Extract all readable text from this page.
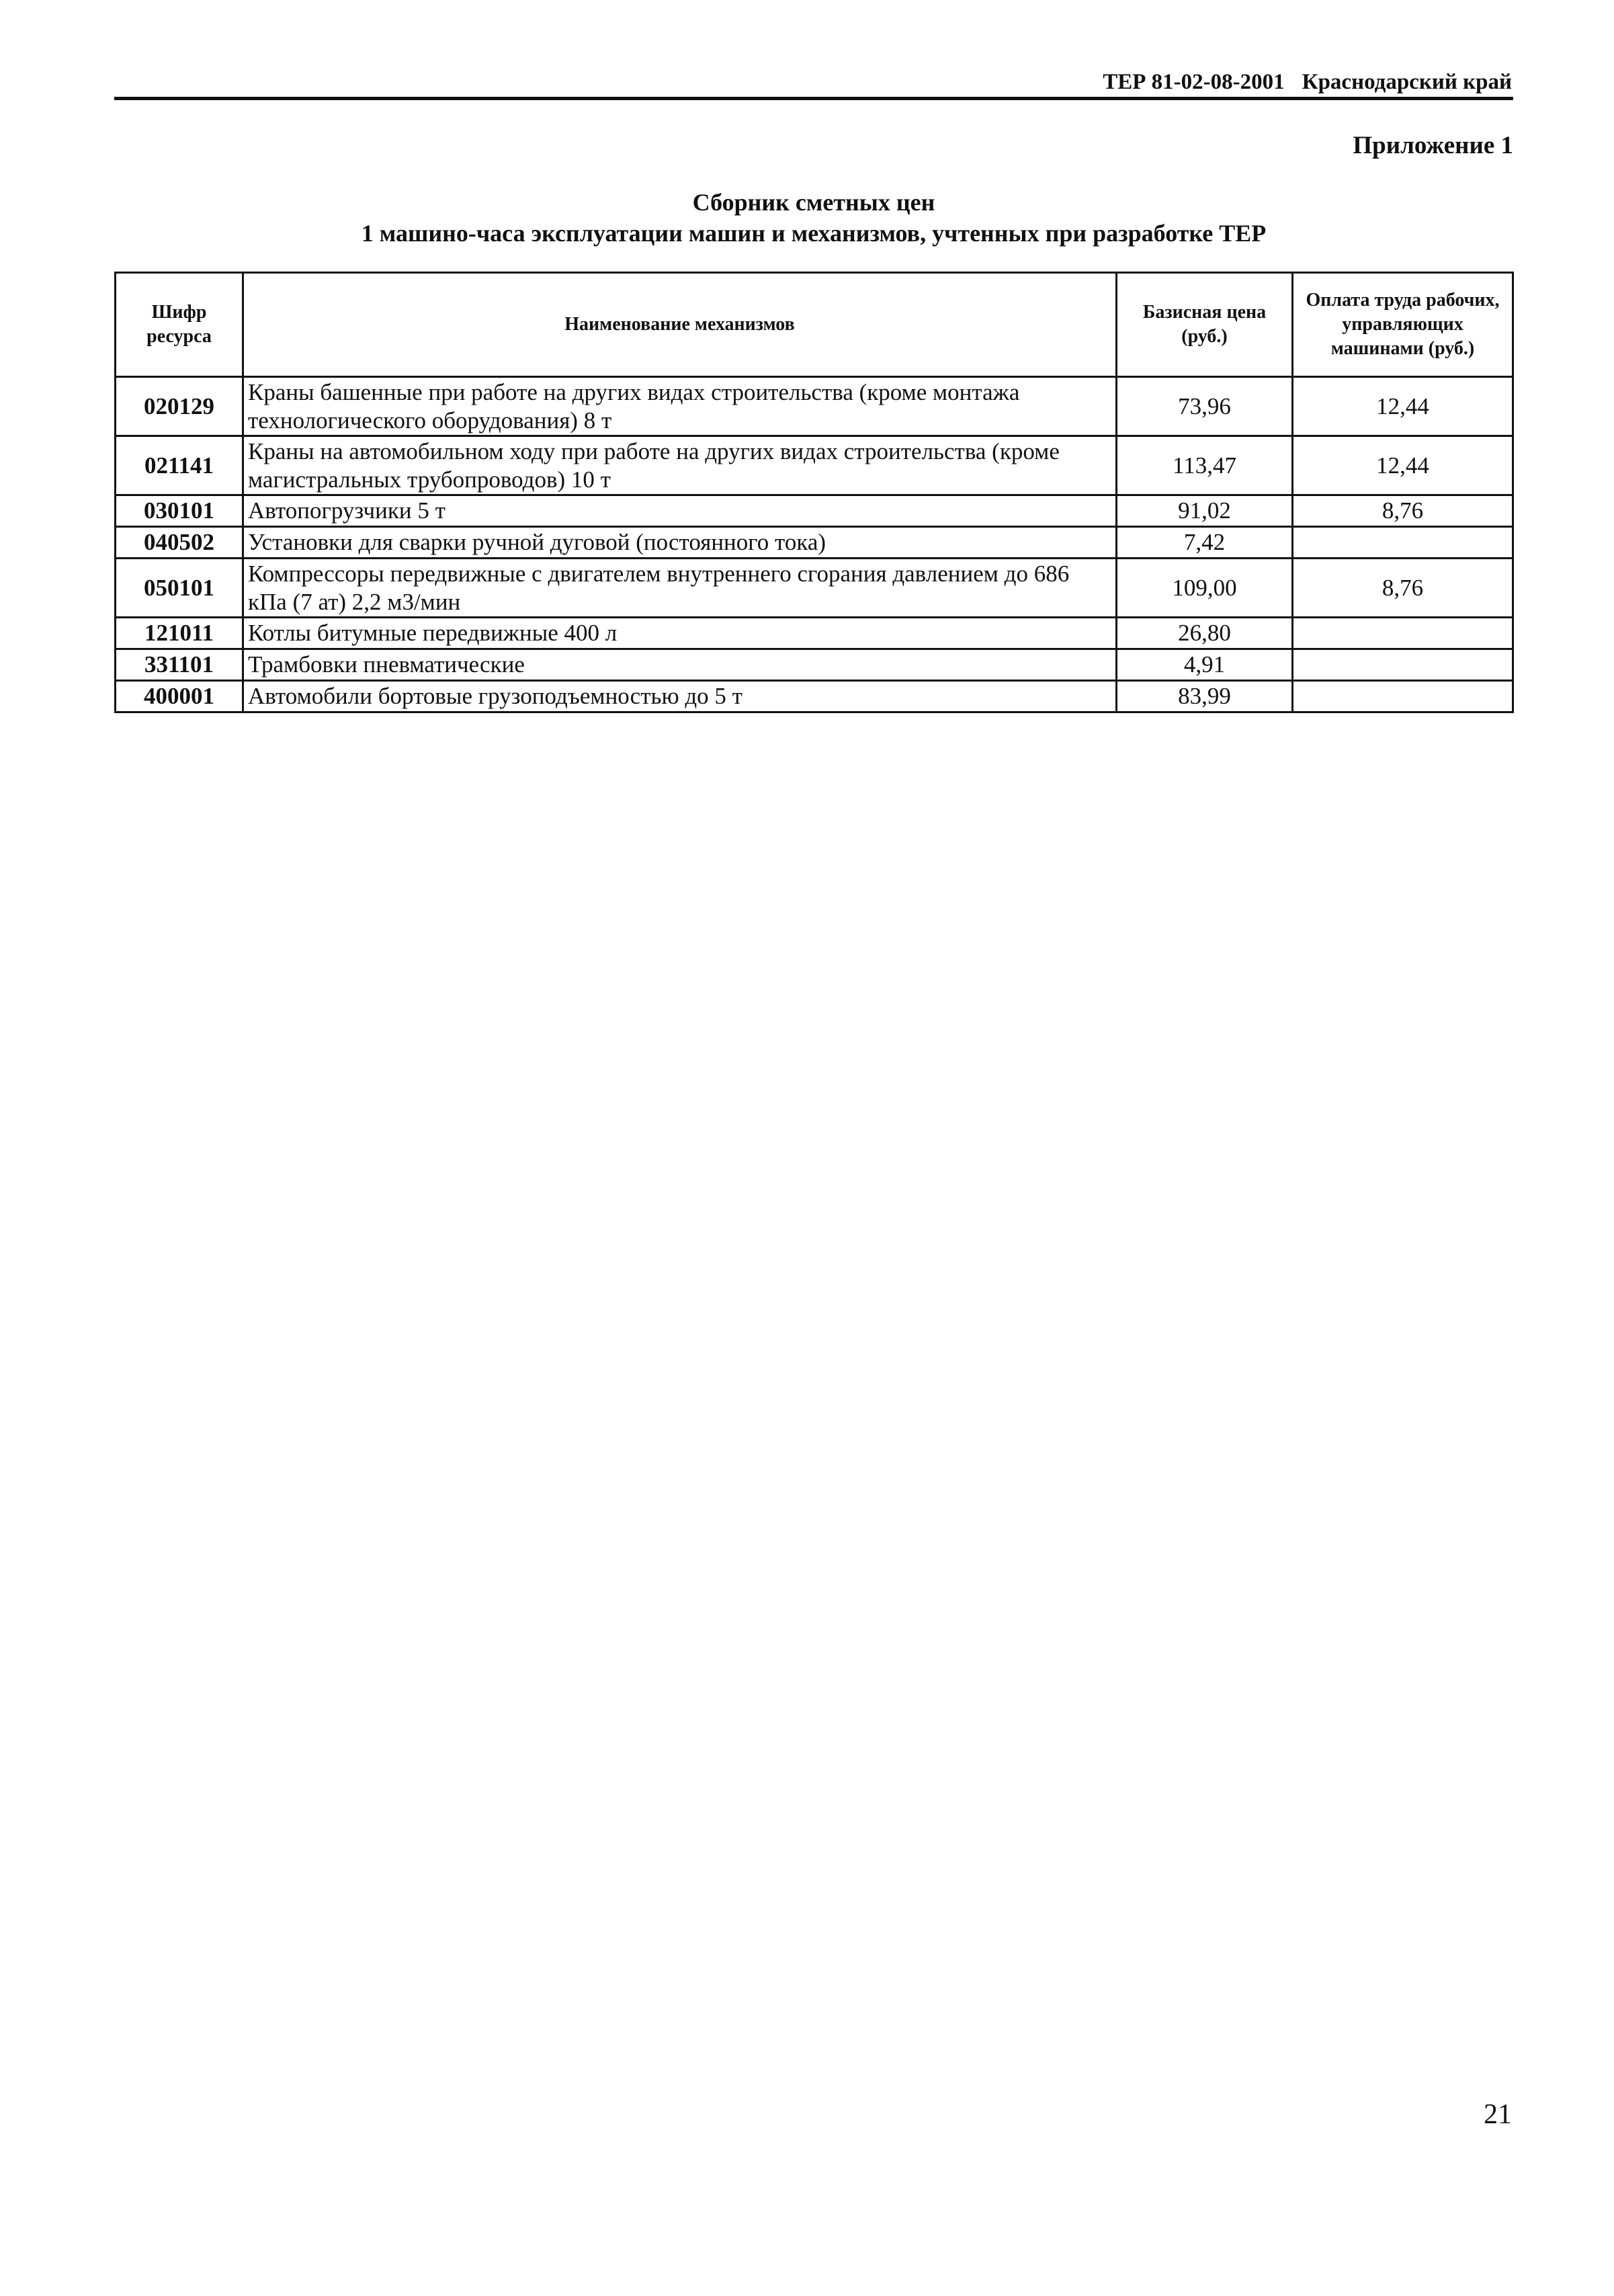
ТЕР 81-02-08-2001 Краснодарский край
Приложение 1
Сборник сметных цен
1 машино-часа эксплуатации машин и механизмов, учтенных при разработке ТЕР
Шифр ресурса	Наименование механизмов	Базисная цена (руб.)	Оплата труда рабочих, управляющих машинами (руб.)

020129	Краны башенные при работе на других видах строительства (кроме монтажа технологического оборудования) 8 т	73,96	12,44
021141	Краны на автомобильном ходу при работе на других видах строительства (кроме магистральных трубопроводов) 10 т	113,47	12,44
030101	Автопогрузчики 5 т	91,02	8,76
040502	Установки для сварки ручной дуговой (постоянного тока)	7,42	
050101	Компрессоры передвижные с двигателем внутреннего сгорания давлением до 686 кПа (7 ат) 2,2 м3/мин	109,00	8,76
121011	Котлы битумные передвижные 400 л	26,80	
331101	Трамбовки пневматические	4,91	
400001	Автомобили бортовые грузоподъемностью до 5 т	83,99	
21
